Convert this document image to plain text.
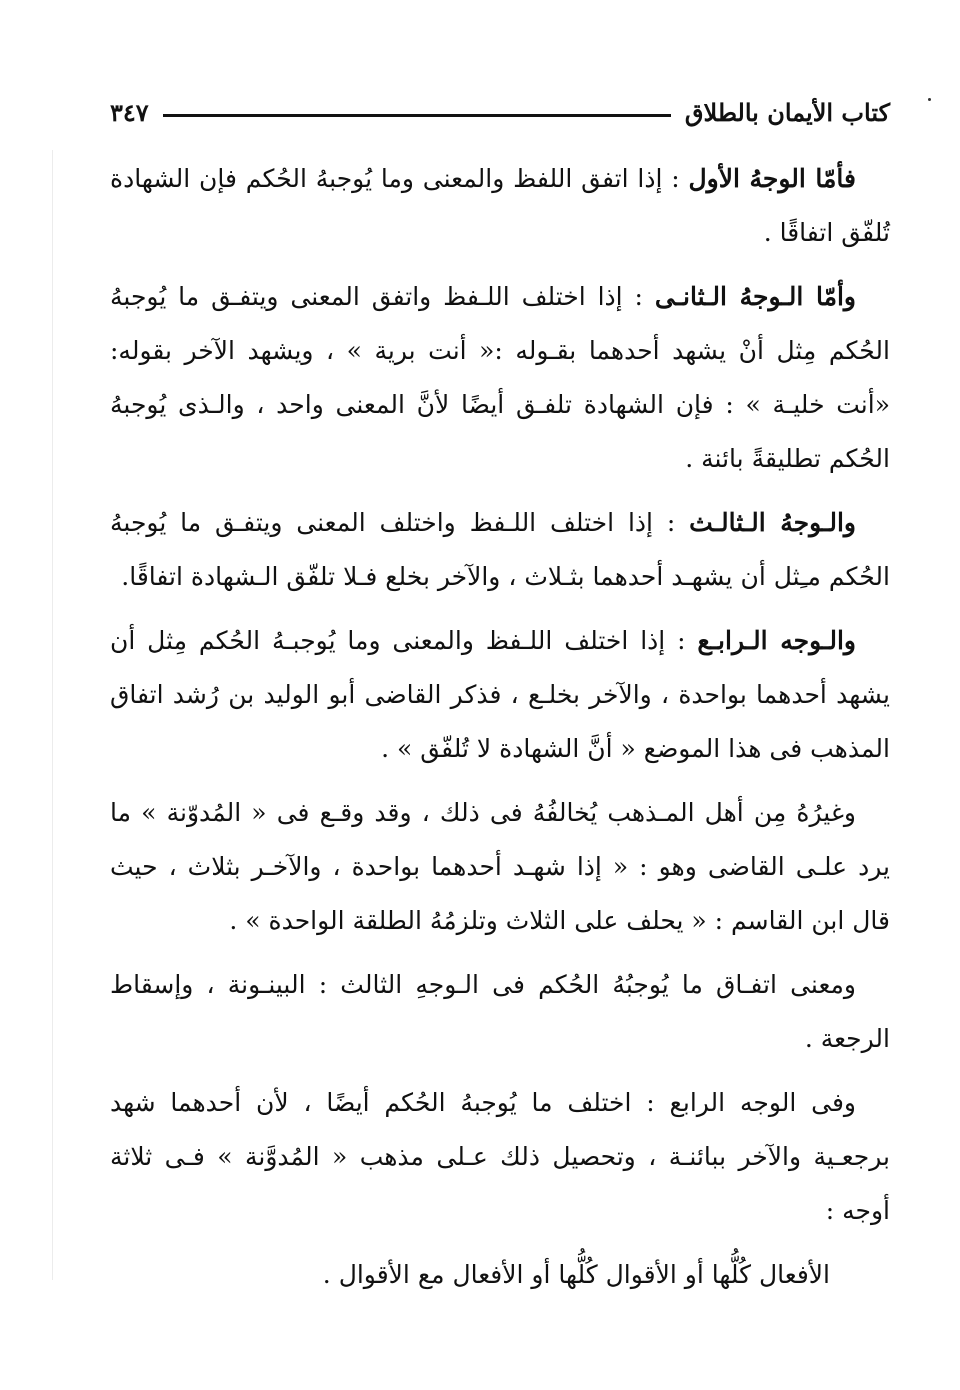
كتاب الأيمان بالطلاق
٣٤٧

فأمّا الوجهُ الأول : إذا اتفق اللفظ والمعنى وما يُوجبهُ الحُكم فإن الشهادة تُلفّق اتفاقًا .

وأمّا الـوجهُ الـثانـى : إذا اختلف اللـفظ واتفق المعنى ويتفـق ما يُوجبهُ الحُكم مِثل أنْ يشهد أحدهما بقـوله :« أنت برية » ، ويشهد الآخر بقوله: «أنت خليـة » : فإن الشهادة تلفـق أيضًا لأنَّ المعنى واحد ، والـذى يُوجبهُ الحُكم تطليقةً بائنة .

والـوجهُ الـثالـث : إذا اختلف اللـفظ واختلف المعنى ويتفـق ما يُوجبهُ الحُكم مـِثل أن يشهـد أحدهما بثـلاث ، والآخر بخلع فـلا تلفّق الـشهادة اتفاقًا.

والـوجه الـرابـع : إذا اختلف اللـفظ والمعنى وما يُوجبـهُ الحُكم مِثل أن يشهد أحدهما بواحدة ، والآخر بخلـع ، فذكر القاضى أبو الوليد بن رُشد اتفاق المذهب فى هذا الموضع « أنَّ الشهادة لا تُلفّق » .

وغيرُهُ مِن أهل المـذهب يُخالفُهُ فى ذلك ، وقد وقـع فى « المُدوّنة » ما يرد علـى القاضى وهو : « إذا شهـد أحدهما بواحدة ، والآخـر بثلاث ، حيث قال ابن القاسم : « يحلف على الثلاث وتلزمُهُ الطلقة الواحدة » .

ومعنى اتفـاق ما يُوجبُهُ الحُكم فى الـوجهِ الثالث : البينـونة ، وإسقاط الرجعة .

وفى الوجه الرابع : اختلف ما يُوجبهُ الحُكم أيضًا ، لأن أحدهما شهد برجعـية والآخر ببائنـة ، وتحصيل ذلك عـلى مذهب « المُدوَّنة » فـى ثلاثة أوجه :

الأفعال كُلُّها أو الأقوال كُلُّها أو الأفعال مع الأقوال .
